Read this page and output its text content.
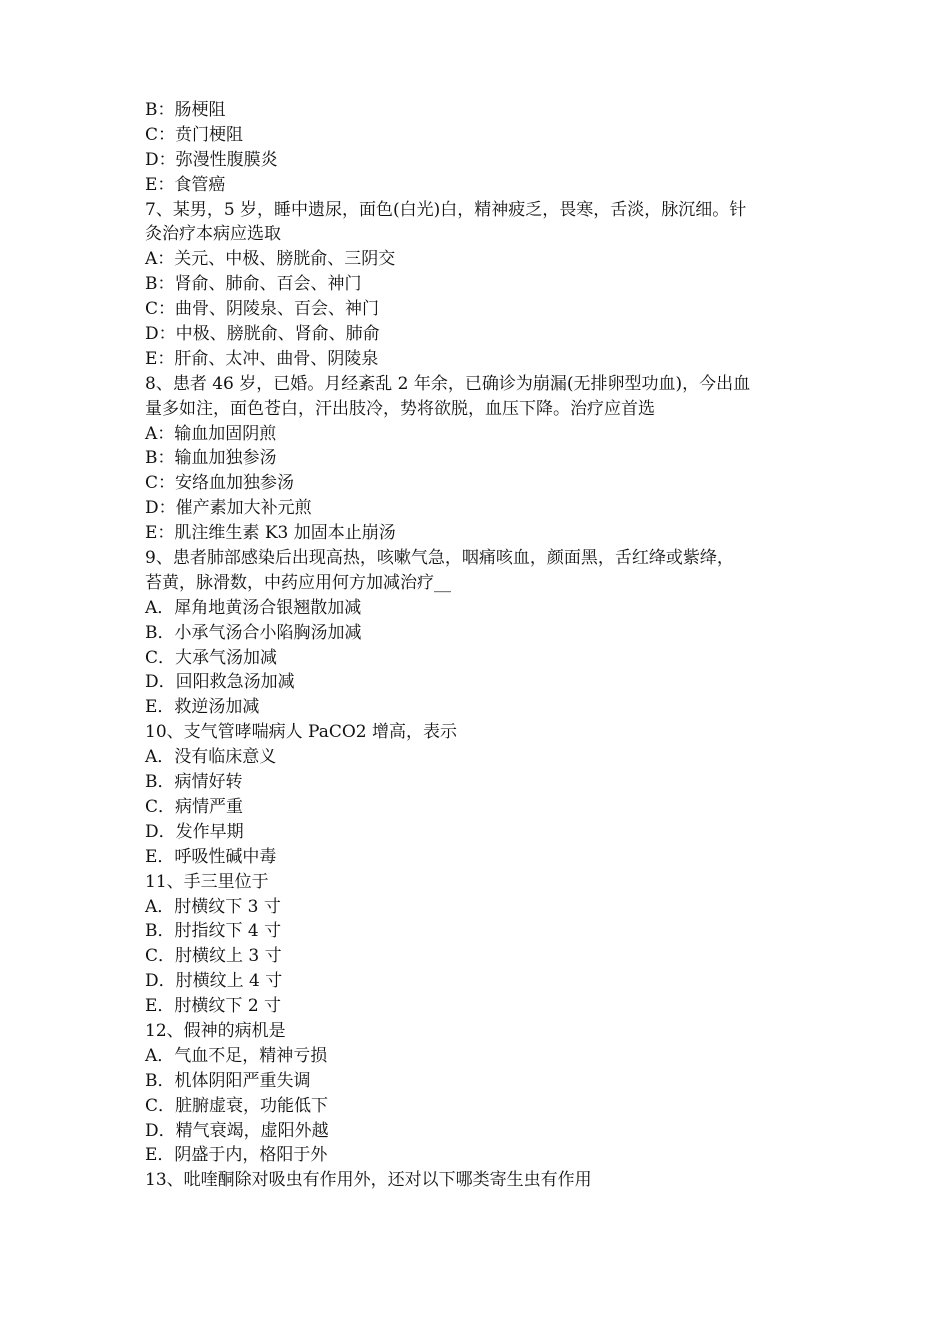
B：肠梗阻
C：贲门梗阻
D：弥漫性腹膜炎
E：食管癌
7、某男，5 岁，睡中遗尿，面色(白光)白，精神疲乏，畏寒，舌淡，脉沉细。针
灸治疗本病应选取
A：关元、中极、膀胱俞、三阴交
B：肾俞、肺俞、百会、神门
C：曲骨、阴陵泉、百会、神门
D：中极、膀胱俞、肾俞、肺俞
E：肝俞、太冲、曲骨、阴陵泉
8、患者 46 岁，已婚。月经紊乱 2 年余，已确诊为崩漏(无排卵型功血)，今出血
量多如注，面色苍白，汗出肢冷，势将欲脱，血压下降。治疗应首选
A：输血加固阴煎
B：输血加独参汤
C：安络血加独参汤
D：催产素加大补元煎
E：肌注维生素 K3 加固本止崩汤
9、患者肺部感染后出现高热，咳嗽气急，咽痛咳血，颜面黑，舌红绛或紫绛，
苔黄，脉滑数，中药应用何方加减治疗__
A．犀角地黄汤合银翘散加减
B．小承气汤合小陷胸汤加减
C．大承气汤加减
D．回阳救急汤加减
E．救逆汤加减
10、支气管哮喘病人 PaCO2 增高，表示
A．没有临床意义
B．病情好转
C．病情严重
D．发作早期
E．呼吸性碱中毒
11、手三里位于
A．肘横纹下 3 寸
B．肘指纹下 4 寸
C．肘横纹上 3 寸
D．肘横纹上 4 寸
E．肘横纹下 2 寸
12、假神的病机是
A．气血不足，精神亏损
B．机体阴阳严重失调
C．脏腑虚衰，功能低下
D．精气衰竭，虚阳外越
E．阴盛于内，格阳于外
13、吡喹酮除对吸虫有作用外，还对以下哪类寄生虫有作用
